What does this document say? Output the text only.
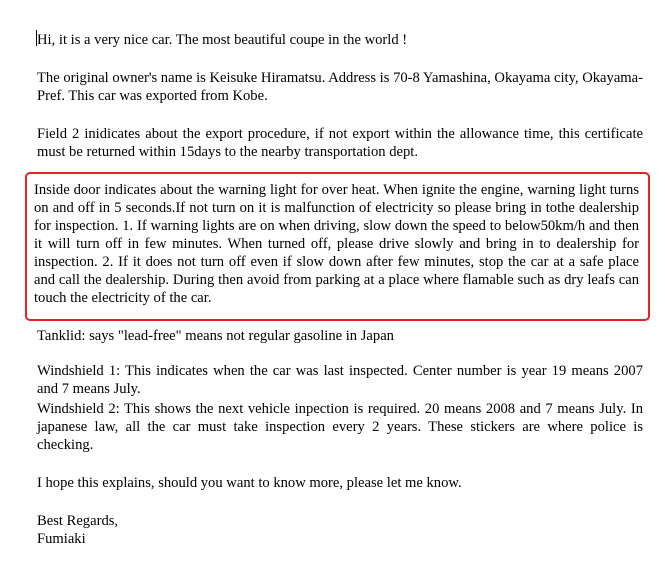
Hi, it is a very nice car. The most beautiful coupe in the world !

The original owner's name is Keisuke Hiramatsu. Address is 70-8 Yamashina, Okayama city, Okayama-Pref. This car was exported from Kobe.

Field 2 inidicates about the export procedure, if not export within the allowance time, this certificate must be returned within 15days to the nearby transportation dept.

Inside door indicates about the warning light for over heat. When ignite the engine, warning light turns on and off in 5 seconds.If not turn on it is malfunction of electricity so please bring in tothe dealership for inspection. 1. If warning lights are on when driving, slow down the speed to below50km/h and then it will turn off in few minutes. When turned off, please drive slowly and bring in to dealership for inspection. 2. If it does not turn off even if slow down after few minutes, stop the car at a safe place and call the dealership. During then avoid from parking at a place where flamable such as dry leafs can touch the electricity of the car.

Tanklid: says "lead-free" means not regular gasoline in Japan

Windshield 1: This indicates when the car was last inspected. Center number is year 19 means 2007 and 7 means July.

Windshield 2: This shows the next vehicle inpection is required. 20 means 2008 and 7 means July. In japanese law, all the car must take inspection every 2 years. These stickers are where police is checking.

I hope this explains, should you want to know more, please let me know.

Best Regards,

Fumiaki
